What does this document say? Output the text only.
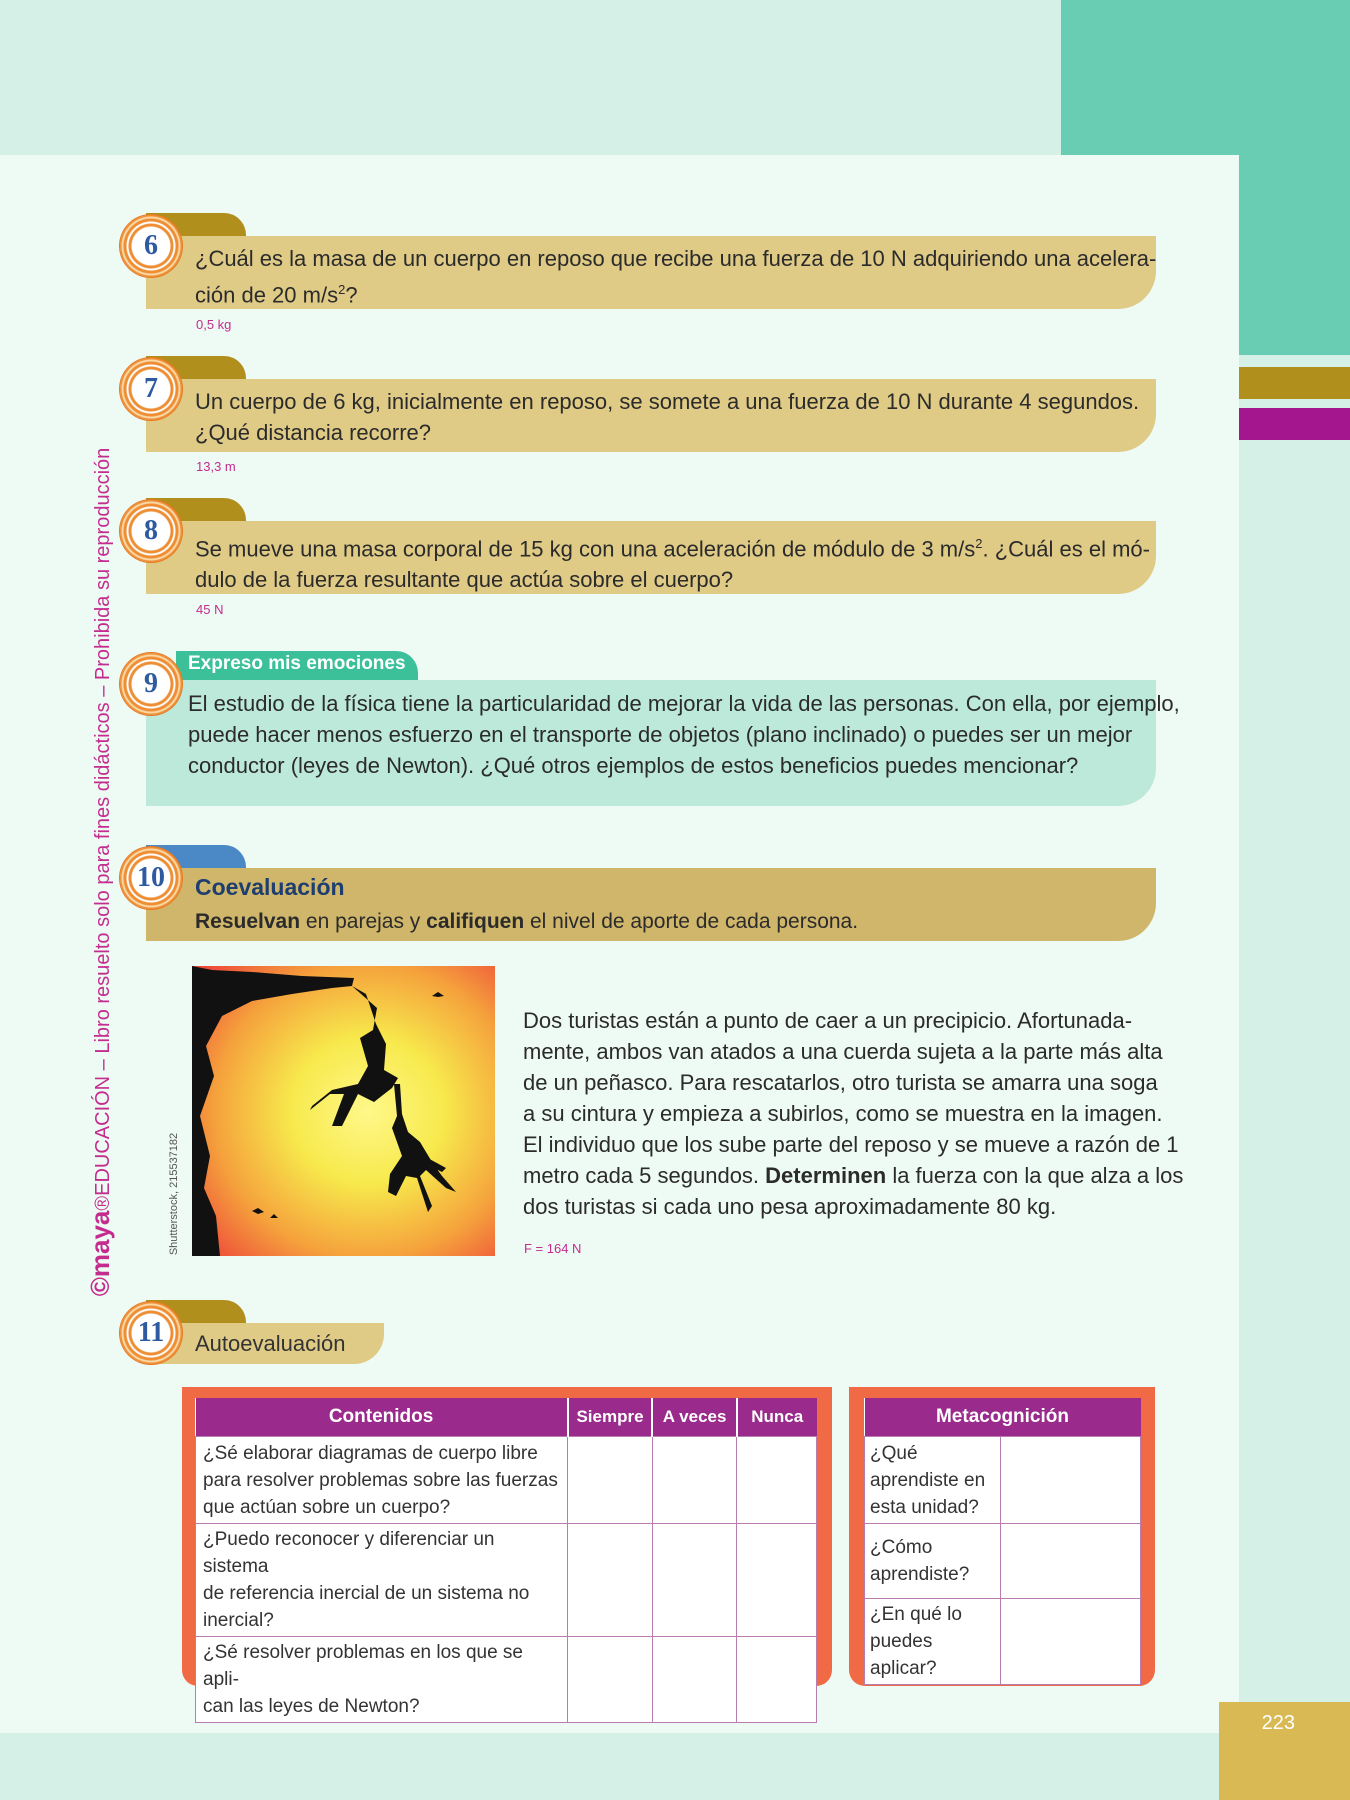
223
©maya®EDUCACIÓN – Libro resuelto solo para fines didácticos – Prohibida su reproducción
6	¿Cuál es la masa de un cuerpo en reposo que recibe una fuerza de 10 N adquiriendo una acelera-
ción de 20 $m/s^2$?
0,5 kg
7	Un cuerpo de 6 kg, inicialmente en reposo, se somete a una fuerza de 10 N durante 4 segundos.
¿Qué distancia recorre?
13,3 m
8
Se mueve una masa corporal de 15 kg con una aceleración de módulo de 3 $m/s^2$. ¿Cuál es el mó-
dulo de la fuerza resultante que actúa sobre el cuerpo?
45 N
Expreso mis emociones
9
El estudio de la física tiene la particularidad de mejorar la vida de las personas. Con ella, por ejemplo,
puede hacer menos esfuerzo en el transporte de objetos (plano inclinado) o puedes ser un mejor
conductor (leyes de Newton). ¿Qué otros ejemplos de estos beneficios puedes mencionar?
10	Coevaluación
Resuelvan en parejas y califiquen el nivel de aporte de cada persona.
Shutterstock, 215537182
Dos turistas están a punto de caer a un precipicio. Afortunada-
mente, ambos van atados a una cuerda sujeta a la parte más alta
de un peñasco. Para rescatarlos, otro turista se amarra una soga
a su cintura y empieza a subirlos, como se muestra en la imagen.
El individuo que los sube parte del reposo y se mueve a razón de 1
metro cada 5 segundos. Determinen la fuerza con la que alza a los
dos turistas si cada uno pesa aproximadamente 80 kg.
F = 164 N
11	Autoevaluación
Contenidos	Siempre	A veces	Nunca
¿Sé elaborar diagramas de cuerpo libre
para resolver problemas sobre las fuerzas
que actúan sobre un cuerpo?			
¿Puedo reconocer y diferenciar un sistema
de referencia inercial de un sistema no
inercial?			
¿Sé resolver problemas en los que se apli-
can las leyes de Newton?			
Metacognición	
¿Qué
aprendiste en
esta unidad?	
¿Cómo
aprendiste?	
¿En qué lo
puedes aplicar?	
